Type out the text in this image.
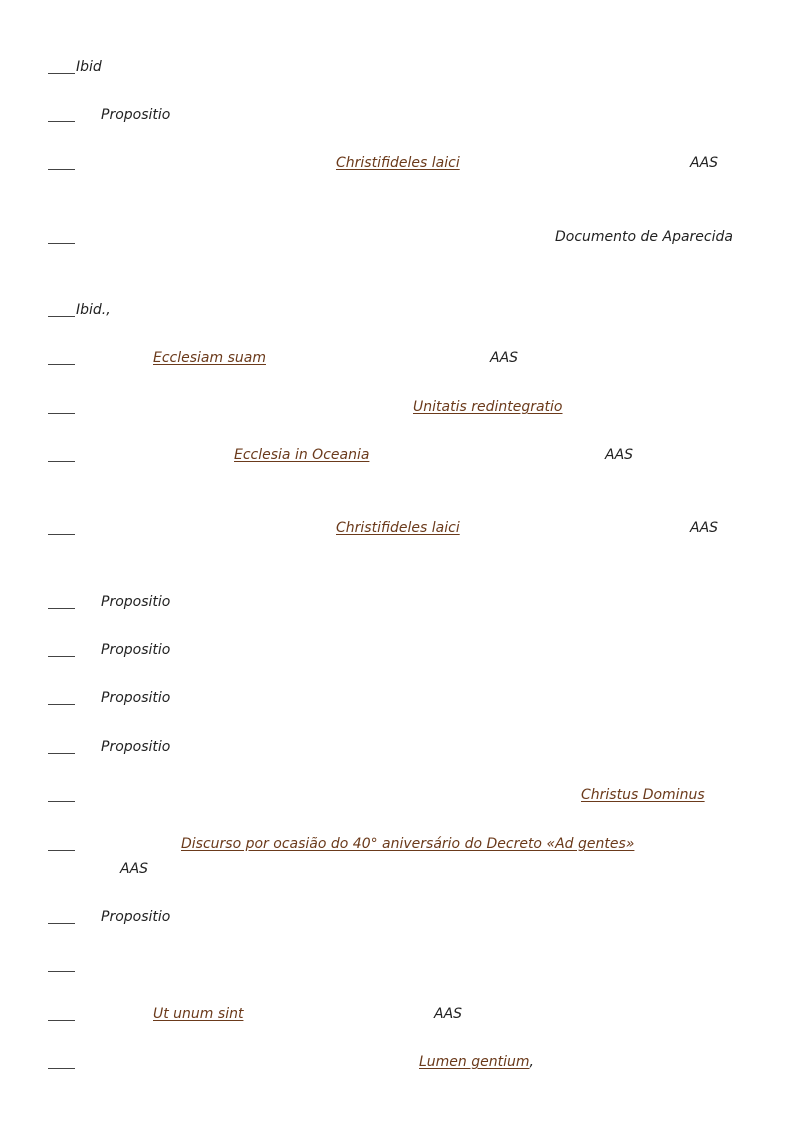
Ibid
Propositio
Christifideles laici	AAS
Documento de Aparecida
Ibid.,
Ecclesiam suam	AAS
Unitatis redintegratio
Ecclesia in Oceania	AAS
Christifideles laici	AAS
Propositio
Propositio
Propositio
Propositio
Christus Dominus
Discurso por ocasião do 40° aniversário do Decreto «Ad gentes»
AAS
Propositio
Ut unum sint	AAS
Lumen gentium,
